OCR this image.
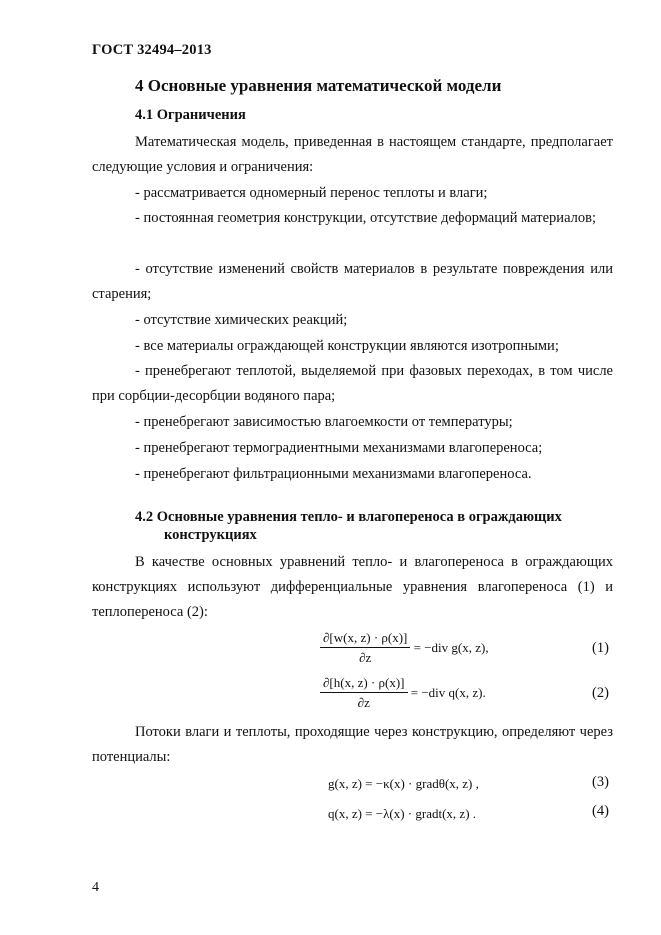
ГОСТ 32494–2013
4 Основные уравнения математической модели
4.1 Ограничения
Математическая модель, приведенная в настоящем стандарте, предполагает следующие условия и ограничения:
- рассматривается одномерный перенос теплоты и влаги;
- постоянная геометрия конструкции, отсутствие деформаций материалов;
- отсутствие изменений свойств материалов в результате повреждения или старения;
- отсутствие химических реакций;
- все материалы ограждающей конструкции являются изотропными;
- пренебрегают теплотой, выделяемой при фазовых переходах, в том числе при сорбции-десорбции водяного пара;
- пренебрегают зависимостью влагоемкости от температуры;
- пренебрегают термоградиентными механизмами влагопереноса;
- пренебрегают фильтрационными механизмами влагопереноса.
4.2 Основные уравнения тепло- и влагопереноса в ограждающих
конструкциях
В качестве основных уравнений тепло- и влагопереноса в ограждающих конструкциях используют дифференциальные уравнения влагопереноса (1) и теплопереноса (2):
$\frac{\partial[w(x, z) \cdot \rho(x)]}{\partial z} = -div$ g(x, z),	(1)
$\frac{\partial[h(x, z) \cdot \rho(x)]}{\partial z} = -div$ q(x, z).	(2)
Потоки влаги и теплоты, проходящие через конструкцию, определяют через потенциалы:
g(x, z) = −κ(x) · gradθ(x, z) ,	(3)
q(x, z) = −λ(x) · gradt(x, z) .	(4)
4
